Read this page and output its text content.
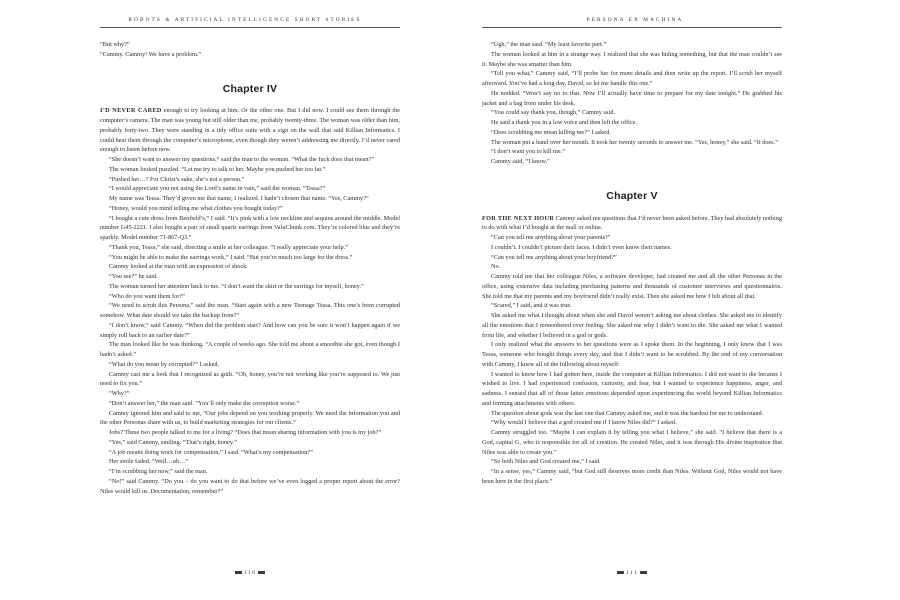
ROBOTS & ARTIFICIAL INTELLIGENCE SHORT STORIES

“But why?”

“Cammy. Cammy! We have a problem.”

Chapter IV

I’D NEVER CARED enough to try looking at him. Or the other one. But I did now. I could see them through the computer’s camera. The man was young but still older than me, probably twenty-three. The woman was older than him, probably forty-two. They were standing in a tidy office suite with a sign on the wall that said Killian Informatics. I could hear them through the computer’s microphone, even though they weren’t addressing me directly. I’d never cared enough to listen before now.

“She doesn’t want to answer my questions,” said the man to the woman. “What the fuck does that mean?”

The woman looked puzzled. “Let me try to talk to her. Maybe you pushed her too far.”

“Pushed her…? For Christ’s sake, she’s not a person.”

“I would appreciate you not using the Lord’s name in vain,” said the woman. “Tessa?”

My name was Tessa. They’d given me that name, I realized. I hadn’t chosen that name. “Yes, Cammy?”

“Honey, would you mind telling me what clothes you bought today?”

“I bought a cute dress from Benfield’s,” I said. “It’s pink with a low neckline and sequins around the middle. Model number G45-2221. I also bought a pair of small quartz earrings from ValuChunk.com. They’re colored blue and they’re sparkly. Model number 71-867-Q3.”

“Thank you, Tessa,” she said, directing a smile at her colleague. “I really appreciate your help.”

“You might be able to make the earrings work,” I said. “But you’re much too large for the dress.”

Cammy looked at the man with an expression of shock.

“You see?” he said.

The woman turned her attention back to me. “I don’t want the skirt or the earrings for myself, honey.”

“Who do you want them for?”

“We need to scrub this Persona,” said the man. “Start again with a new Teenage Tessa. This one’s been corrupted somehow. What date should we take the backup from?”

“I don’t know,” said Cammy. “When did the problem start? And how can you be sure it won’t happen again if we simply roll back to an earlier date?”

The man looked like he was thinking. “A couple of weeks ago. She told me about a smoothie she got, even though I hadn’t asked.”

“What do you mean by corrupted?” I asked.

Cammy cast me a look that I recognized as guilt. “Oh, honey, you’re not working like you’re supposed to. We just need to fix you.”

“Why?”

“Don’t answer her,” the man said. “You’ll only make the corruption worse.”

Cammy ignored him and said to me, “Our jobs depend on you working properly. We need the information you and the other Personas share with us, to build marketing strategies for our clients.”

Jobs? These two people talked to me for a living? “Does that mean sharing information with you is my job?”

“Yes,” said Cammy, smiling. “That’s right, honey.”

“A job means doing work for compensation,” I said. “What’s my compensation?”

Her smile faded. “Well…uh…”

“I’m scrubbing her now,” said the man.

“No!” said Cammy. “Do you – do you want to do that before we’ve even logged a proper report about the error? Niles would kill us. Documentation, remember?”

110
PERSONA EX MACHINA

“Ugh,” the man said. “My least favorite part.”

The woman looked at him in a strange way. I realized that she was hiding something, but that the man couldn’t see it. Maybe she was smarter than him.

“Tell you what,” Cammy said, “I’ll probe her for more details and then write up the report. I’ll scrub her myself afterward. You’ve had a long day, David, so let me handle this one.”

He nodded. “Won’t say no to that. Now I’ll actually have time to prepare for my date tonight.” He grabbed his jacket and a bag from under his desk.

“You could say thank you, though,” Cammy said.

He said a thank you in a low voice and then left the office.

“Does scrubbing me mean killing me?” I asked.

The woman put a hand over her mouth. It took her twenty seconds to answer me. “Yes, honey,” she said. “It does.”

“I don’t want you to kill me.”

Cammy said, “I know.”

Chapter V

FOR THE NEXT HOUR Cammy asked me questions that I’d never been asked before. They had absolutely nothing to do with what I’d bought at the mall or online.

“Can you tell me anything about your parents?”

I couldn’t. I couldn’t picture their faces. I didn’t even know their names.

“Can you tell me anything about your boyfriend?”

No.

Cammy told me that her colleague Niles, a software developer, had created me and all the other Personas in the office, using extensive data including purchasing patterns and thousands of customer interviews and questionnaires. She told me that my parents and my boyfriend didn’t really exist. Then she asked me how I felt about all that.

“Scared,” I said, and it was true.

She asked me what I thought about when she and David weren’t asking me about clothes. She asked me to identify all the emotions that I remembered ever feeling. She asked me why I didn’t want to die. She asked me what I wanted from life, and whether I believed in a god or gods.

I only realized what the answers to her questions were as I spoke them. In the beginning, I only knew that I was Tessa, someone who bought things every day, and that I didn’t want to be scrubbed. By the end of my conversation with Cammy, I knew all of the following about myself:

I wanted to know how I had gotten here, inside the computer at Killian Informatics. I did not want to die because I wished to live. I had experienced confusion, curiosity, and fear, but I wanted to experience happiness, anger, and sadness. I sensed that all of those latter emotions depended upon experiencing the world beyond Killian Informatics and forming attachments with others.

The question about gods was the last one that Cammy asked me, and it was the hardest for me to understand.

“Why would I believe that a god created me if I know Niles did?” I asked.

Cammy struggled too. “Maybe I can explain it by telling you what I believe,” she said. “I believe that there is a God, capital G, who is responsible for all of creation. He created Niles, and it was through His divine inspiration that Niles was able to create you.”

“So both Niles and God created me,” I said.

“In a sense, yes,” Cammy said, “but God still deserves more credit than Niles. Without God, Niles would not have been here in the first place.”

111
